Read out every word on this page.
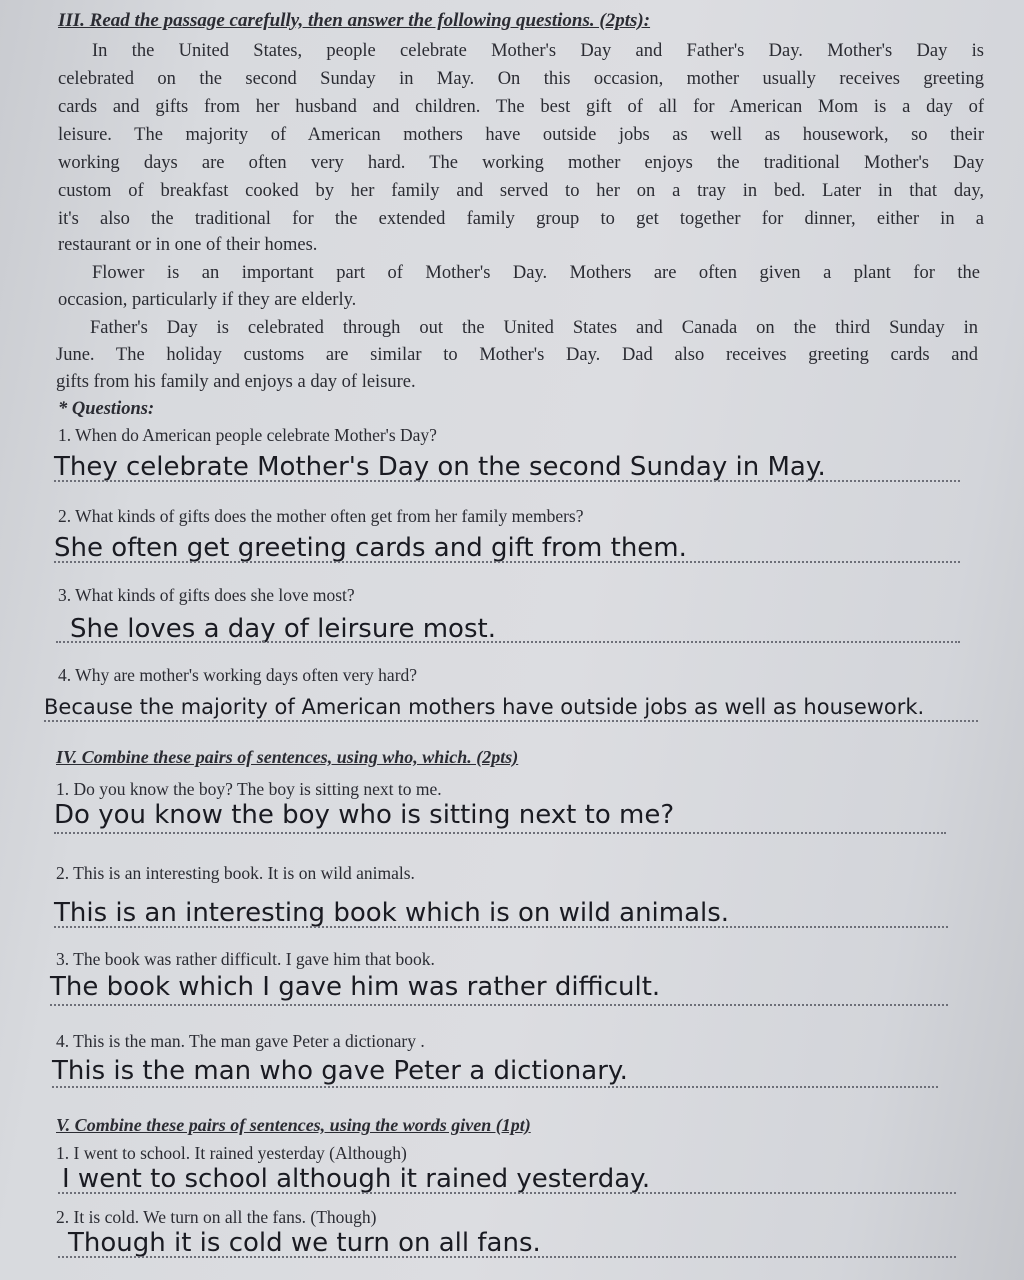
III. Read the passage carefully, then answer the following questions. (2pts):
In the United States, people celebrate Mother's Day and Father's Day. Mother's Day is
celebrated on the second Sunday in May. On this occasion, mother usually receives greeting
cards and gifts from her husband and children. The best gift of all for American Mom is a day of
leisure. The majority of American mothers have outside jobs as well as housework, so their
working days are often very hard. The working mother enjoys the traditional Mother's Day
custom of breakfast cooked by her family and served to her on a tray in bed. Later in that day,
it's also the traditional for the extended family group to get together for dinner, either in a
restaurant or in one of their homes.
Flower is an important part of Mother's Day. Mothers are often given a plant for the
occasion, particularly if they are elderly.
Father's Day is celebrated through out the United States and Canada on the third Sunday in
June. The holiday customs are similar to Mother's Day. Dad also receives greeting cards and
gifts from his family and enjoys a day of leisure.
* Questions:
1. When do American people celebrate Mother's Day?
They celebrate Mother's Day on the second Sunday in May.
2. What kinds of gifts does the mother often get from her family members?
She often get greeting cards and gift from them.
3. What kinds of gifts does she love most?
She loves a day of leirsure most.
4. Why are mother's working days often very hard?
Because the majority of American mothers have outside jobs as well as housework.
IV. Combine these pairs of sentences, using who, which. (2pts)
1. Do you know the boy? The boy is sitting next to me.
Do you know the boy who is sitting next to me?
2. This is an interesting book. It is on wild animals.
This is an interesting book which is on wild animals.
3. The book was rather difficult. I gave him that book.
The book which I gave him was rather difficult.
4. This is the man. The man gave Peter a dictionary .
This is the man who gave Peter a dictionary.
V. Combine these pairs of sentences, using the words given (1pt)
1. I went to school. It rained yesterday (Although)
I went to school although it rained yesterday.
2. It is cold. We turn on all the fans. (Though)
Though it is cold we turn on all fans.
